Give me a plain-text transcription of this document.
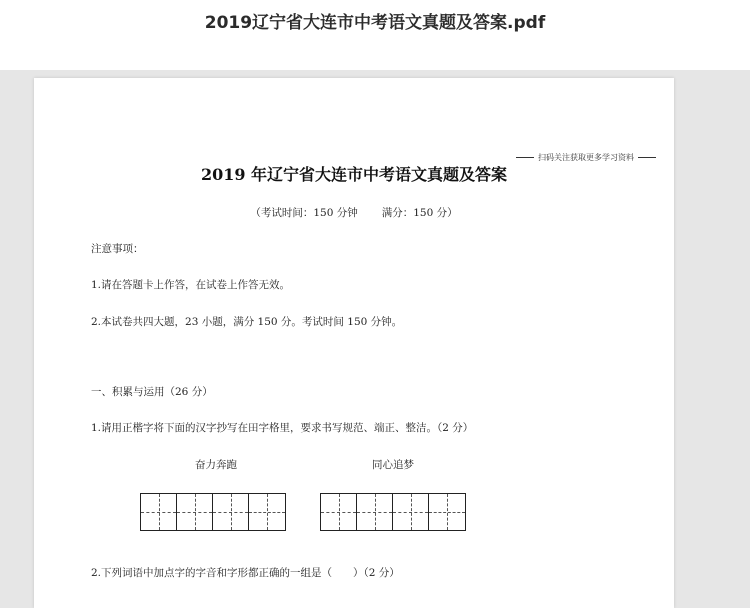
2019辽宁省大连市中考语文真题及答案.pdf
扫码关注获取更多学习资料
2019 年辽宁省大连市中考语文真题及答案
（考试时间：150 分钟 满分：150 分）
注意事项：
1.请在答题卡上作答，在试卷上作答无效。
2.本试卷共四大题，23 小题，满分 150 分。考试时间 150 分钟。
一、积累与运用（26 分）
1.请用正楷字将下面的汉字抄写在田字格里，要求书写规范、端正、整洁。（2 分）
奋力奔跑	同心追梦
2.下列词语中加点字的字音和字形都正确的一组是（　　）（2 分）
